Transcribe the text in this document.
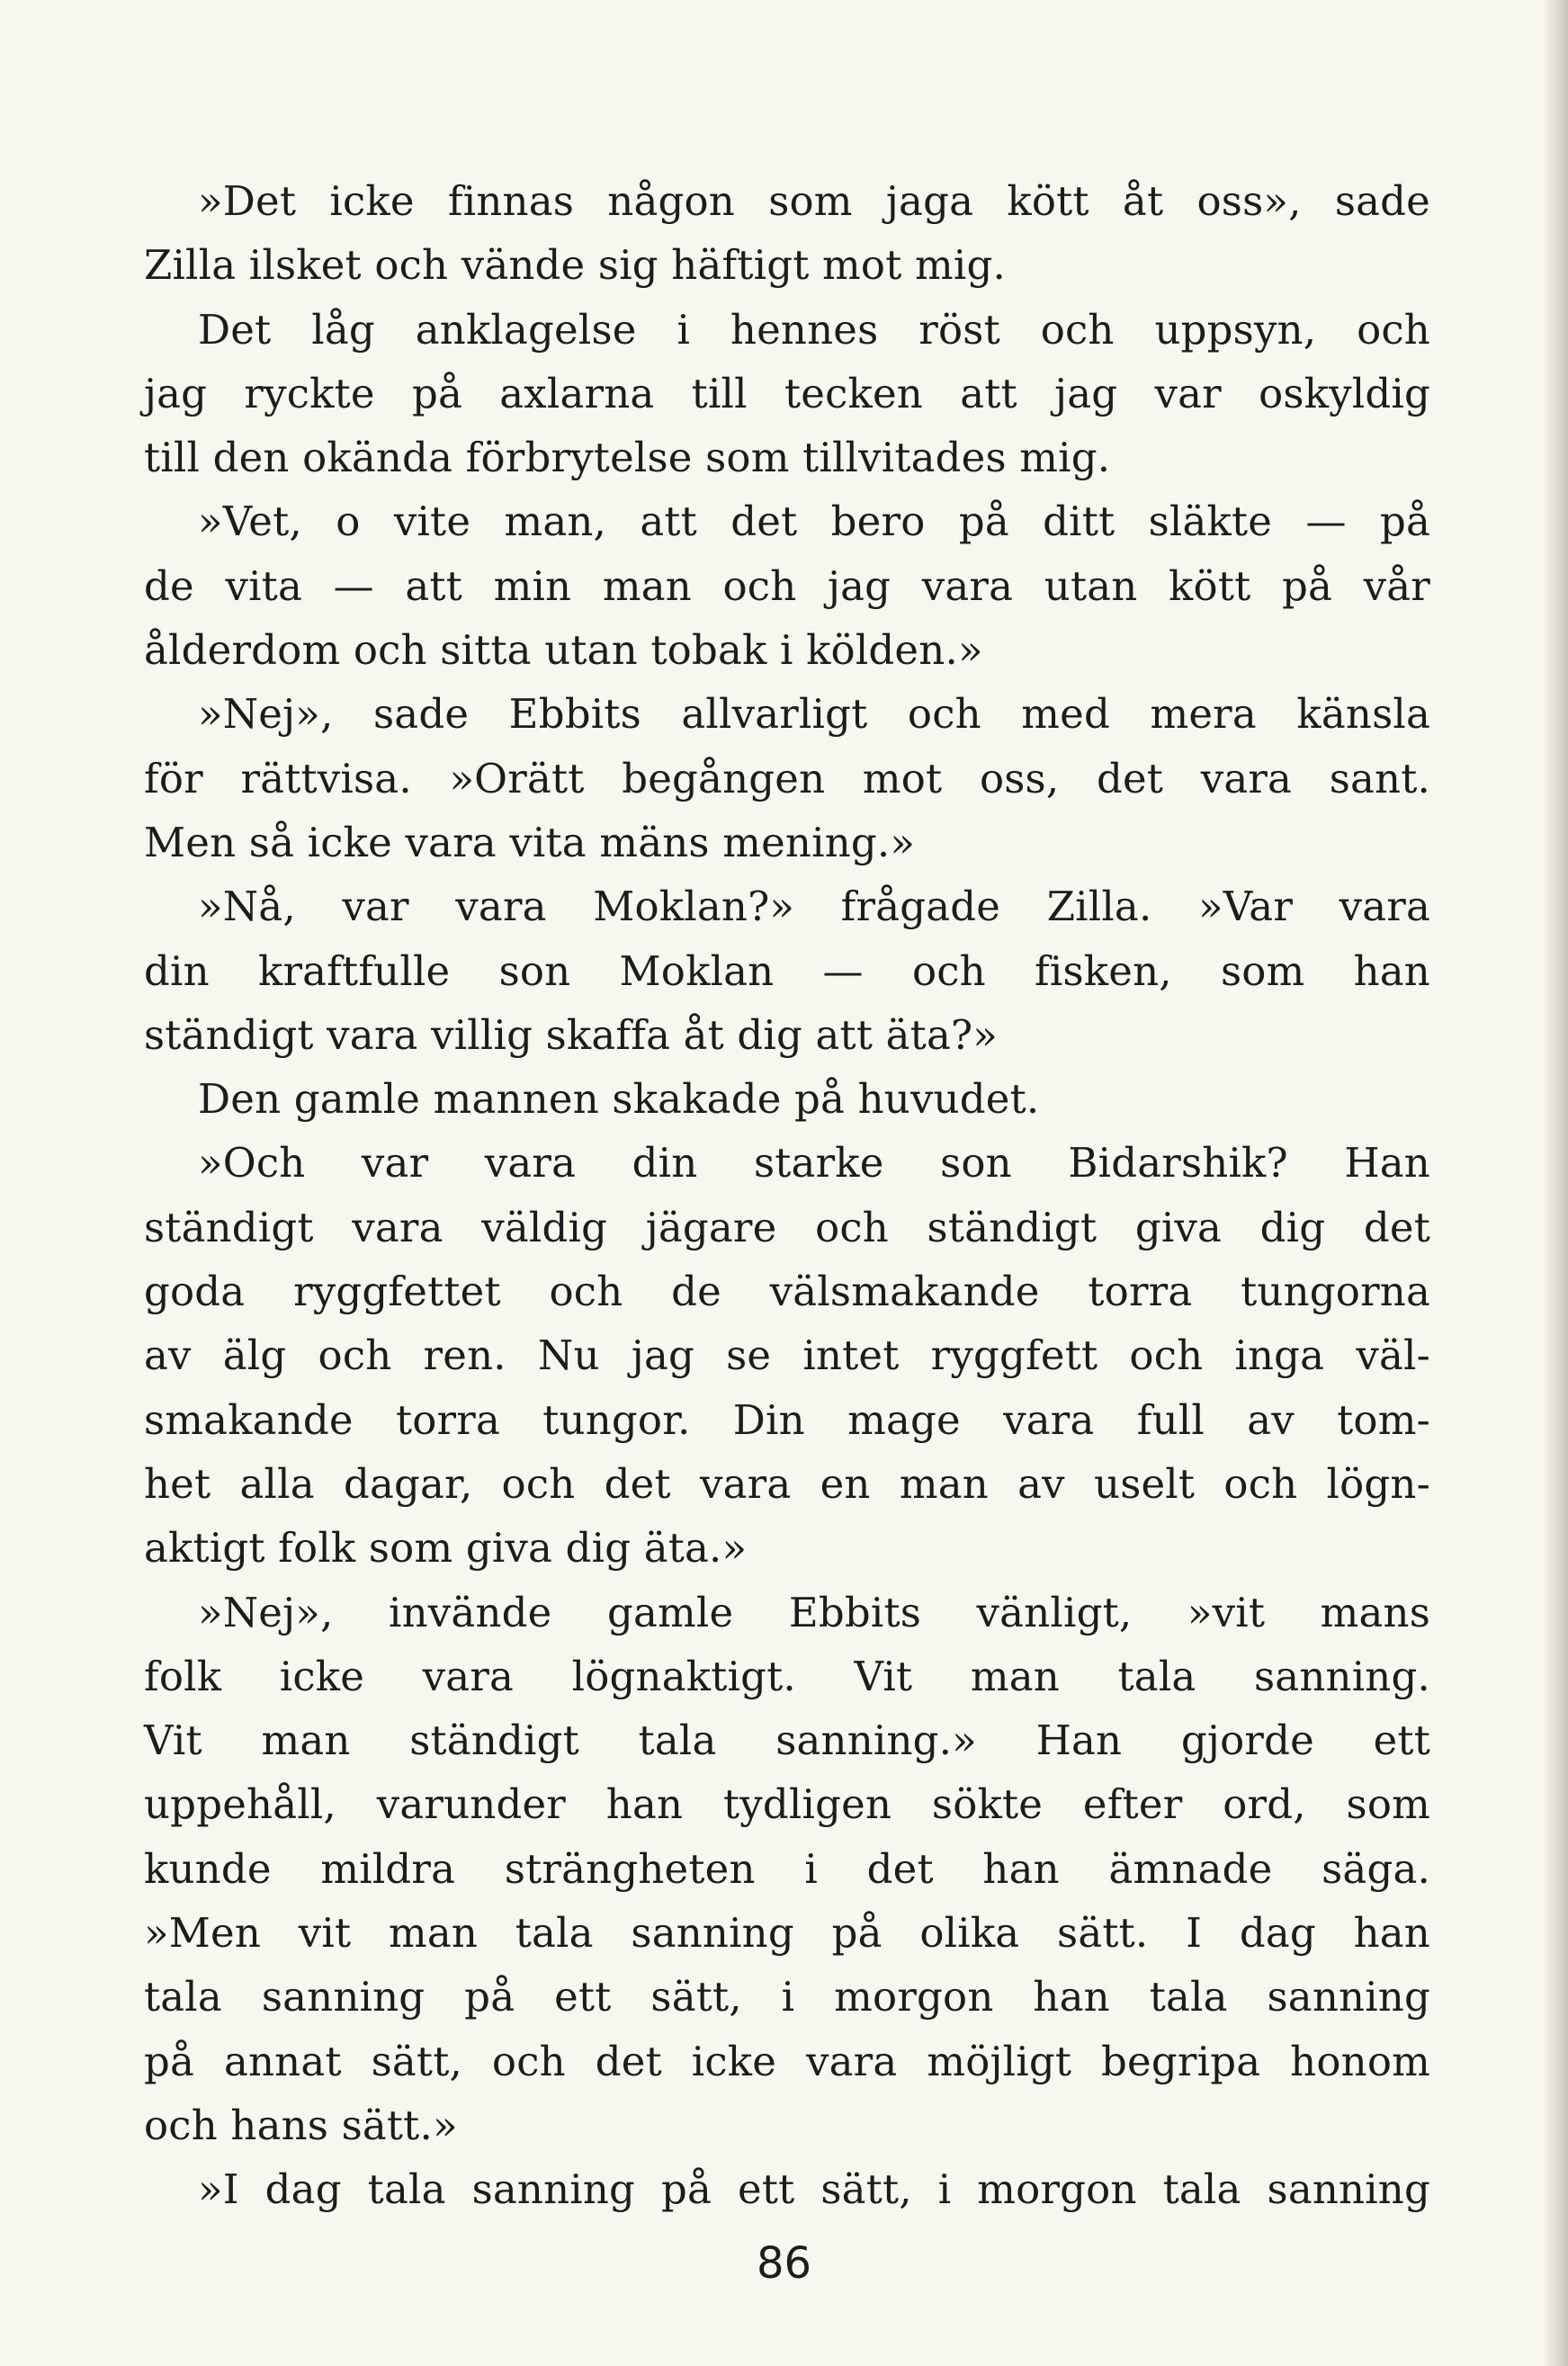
»Det icke finnas någon som jaga kött åt oss», sade
Zilla ilsket och vände sig häftigt mot mig.
Det låg anklagelse i hennes röst och uppsyn, och
jag ryckte på axlarna till tecken att jag var oskyldig
till den okända förbrytelse som tillvitades mig.
»Vet, o vite man, att det bero på ditt släkte — på
de vita — att min man och jag vara utan kött på vår
ålderdom och sitta utan tobak i kölden.»
»Nej», sade Ebbits allvarligt och med mera känsla
för rättvisa. »Orätt begången mot oss, det vara sant.
Men så icke vara vita mäns mening.»
»Nå, var vara Moklan?» frågade Zilla. »Var vara
din kraftfulle son Moklan — och fisken, som han
ständigt vara villig skaffa åt dig att äta?»
Den gamle mannen skakade på huvudet.
»Och var vara din starke son Bidarshik? Han
ständigt vara väldig jägare och ständigt giva dig det
goda ryggfettet och de välsmakande torra tungorna
av älg och ren. Nu jag se intet ryggfett och inga väl-
smakande torra tungor. Din mage vara full av tom-
het alla dagar, och det vara en man av uselt och lögn-
aktigt folk som giva dig äta.»
»Nej», invände gamle Ebbits vänligt, »vit mans
folk icke vara lögnaktigt. Vit man tala sanning.
Vit man ständigt tala sanning.» Han gjorde ett
uppehåll, varunder han tydligen sökte efter ord, som
kunde mildra strängheten i det han ämnade säga.
»Men vit man tala sanning på olika sätt. I dag han
tala sanning på ett sätt, i morgon han tala sanning
på annat sätt, och det icke vara möjligt begripa honom
och hans sätt.»
»I dag tala sanning på ett sätt, i morgon tala sanning
86
